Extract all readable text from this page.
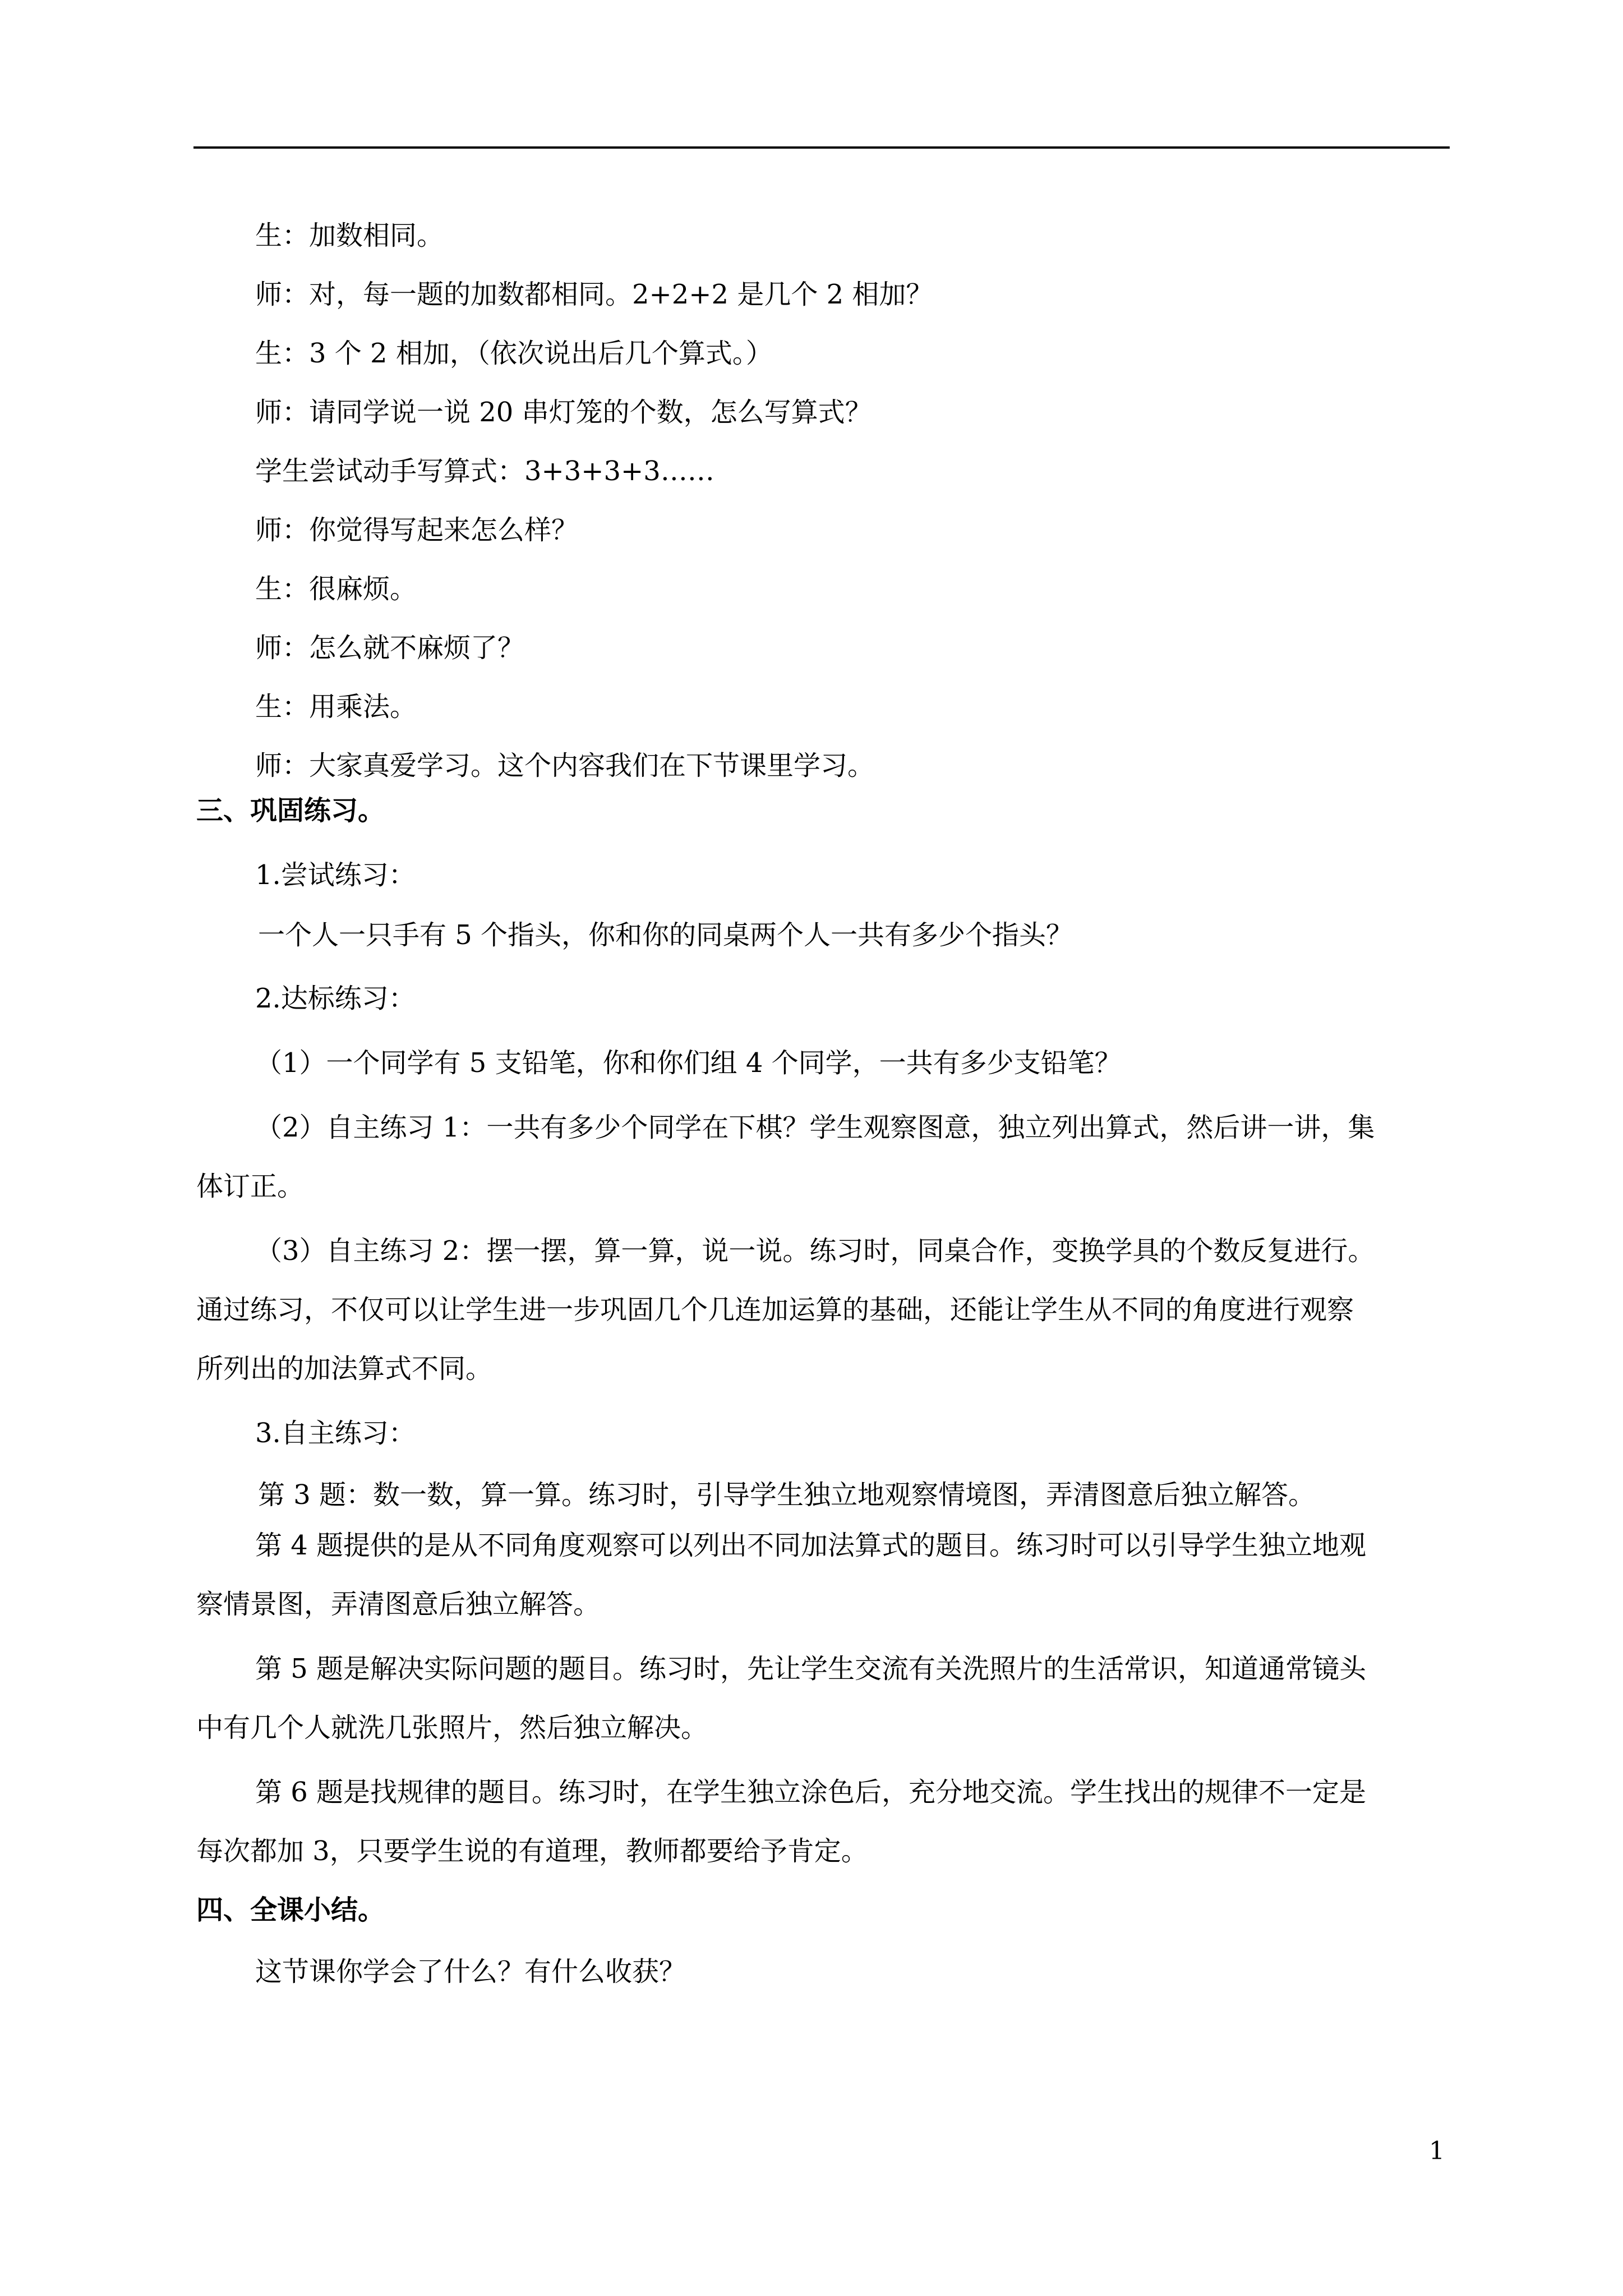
生：加数相同。

师：对，每一题的加数都相同。2+2+2 是几个 2 相加？

生：3 个 2 相加，（依次说出后几个算式。）

师：请同学说一说 20 串灯笼的个数，怎么写算式？

学生尝试动手写算式：3+3+3+3……

师：你觉得写起来怎么样？

生：很麻烦。

师：怎么就不麻烦了？

生：用乘法。

师：大家真爱学习。这个内容我们在下节课里学习。

三、巩固练习。

1.尝试练习：

一个人一只手有 5 个指头，你和你的同桌两个人一共有多少个指头？

2.达标练习：

（1）一个同学有 5 支铅笔，你和你们组 4 个同学，一共有多少支铅笔？

（2）自主练习 1：一共有多少个同学在下棋？学生观察图意，独立列出算式，然后讲一讲，集

体订正。

（3）自主练习 2：摆一摆，算一算，说一说。练习时，同桌合作，变换学具的个数反复进行。

通过练习，不仅可以让学生进一步巩固几个几连加运算的基础，还能让学生从不同的角度进行观察

所列出的加法算式不同。

3.自主练习：

第 3 题：数一数，算一算。练习时，引导学生独立地观察情境图，弄清图意后独立解答。

第 4 题提供的是从不同角度观察可以列出不同加法算式的题目。练习时可以引导学生独立地观

察情景图，弄清图意后独立解答。

第 5 题是解决实际问题的题目。练习时，先让学生交流有关洗照片的生活常识，知道通常镜头

中有几个人就洗几张照片，然后独立解决。

第 6 题是找规律的题目。练习时，在学生独立涂色后，充分地交流。学生找出的规律不一定是

每次都加 3，只要学生说的有道理，教师都要给予肯定。

四、全课小结。

这节课你学会了什么？有什么收获？

1
